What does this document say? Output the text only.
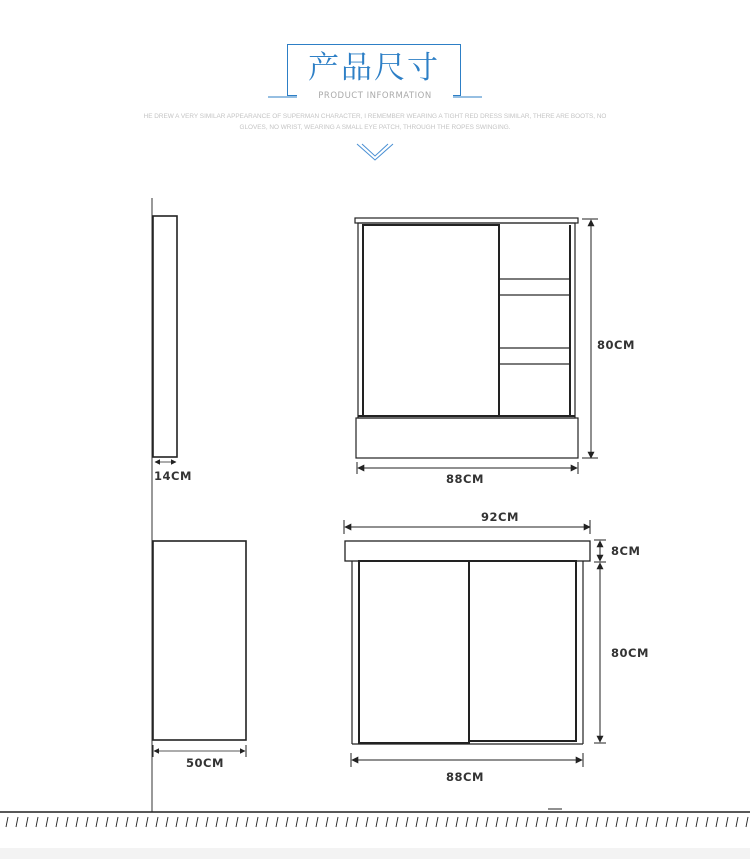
产品尺寸
PRODUCT INFORMATION
HE DREW A VERY SIMILAR APPEARANCE OF SUPERMAN CHARACTER, I REMEMBER WEARING A TIGHT RED DRESS SIMILAR, THERE ARE BOOTS, NO
GLOVES, NO WRIST, WEARING A SMALL EYE PATCH, THROUGH THE ROPES SWINGING.
14CM	88CM
80CM
92CM
8CM
80CM
50CM
88CM
